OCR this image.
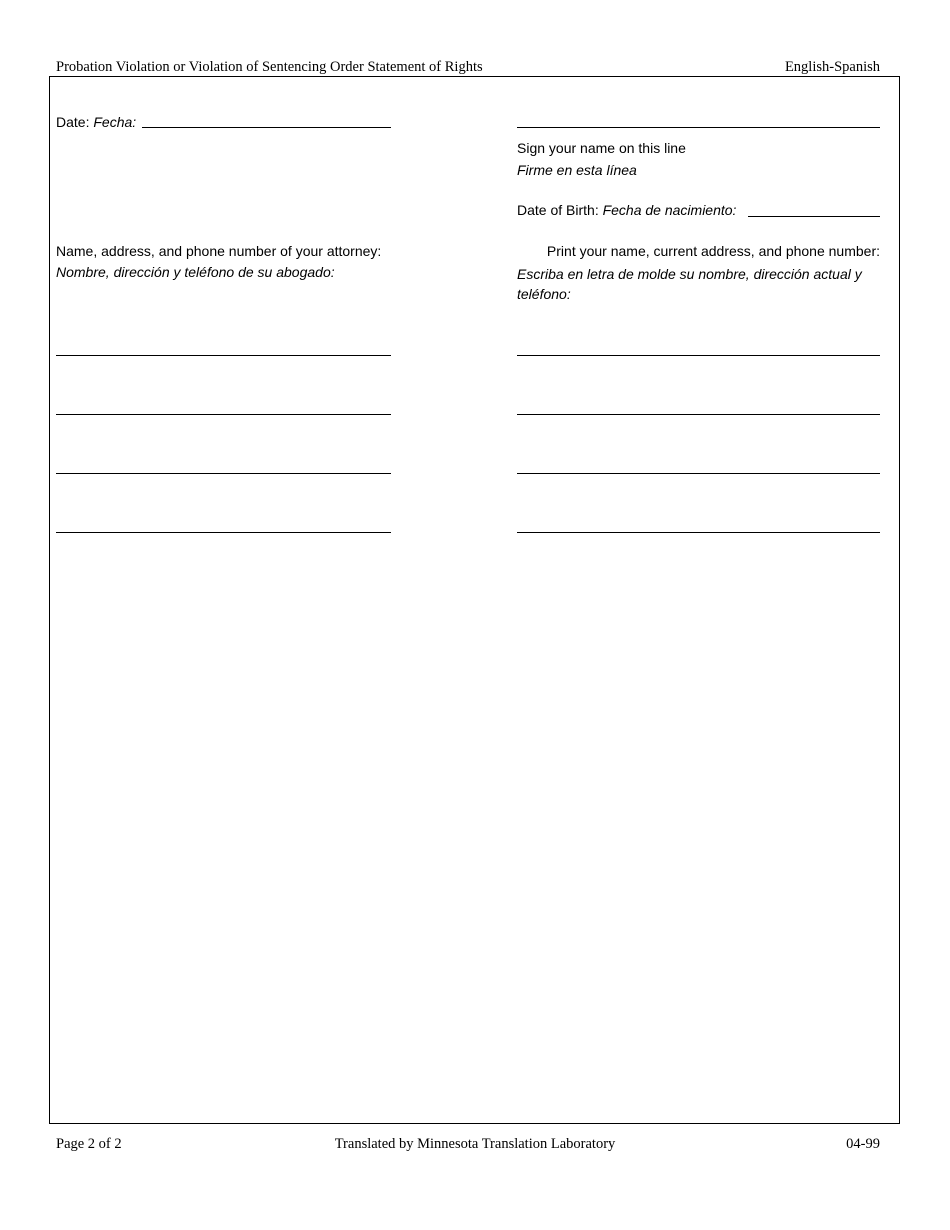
Probation Violation or Violation of Sentencing Order Statement of Rights	English-Spanish
Date: Fecha:
Sign your name on this line
Firme en esta línea
Date of Birth: Fecha de nacimiento:
Name, address, and phone number of your attorney:
Nombre, dirección y teléfono de su abogado:
Print your name, current address, and phone number:
Escriba en letra de molde su nombre, dirección actual y teléfono:
Page 2 of 2	Translated by Minnesota Translation Laboratory	04-99
